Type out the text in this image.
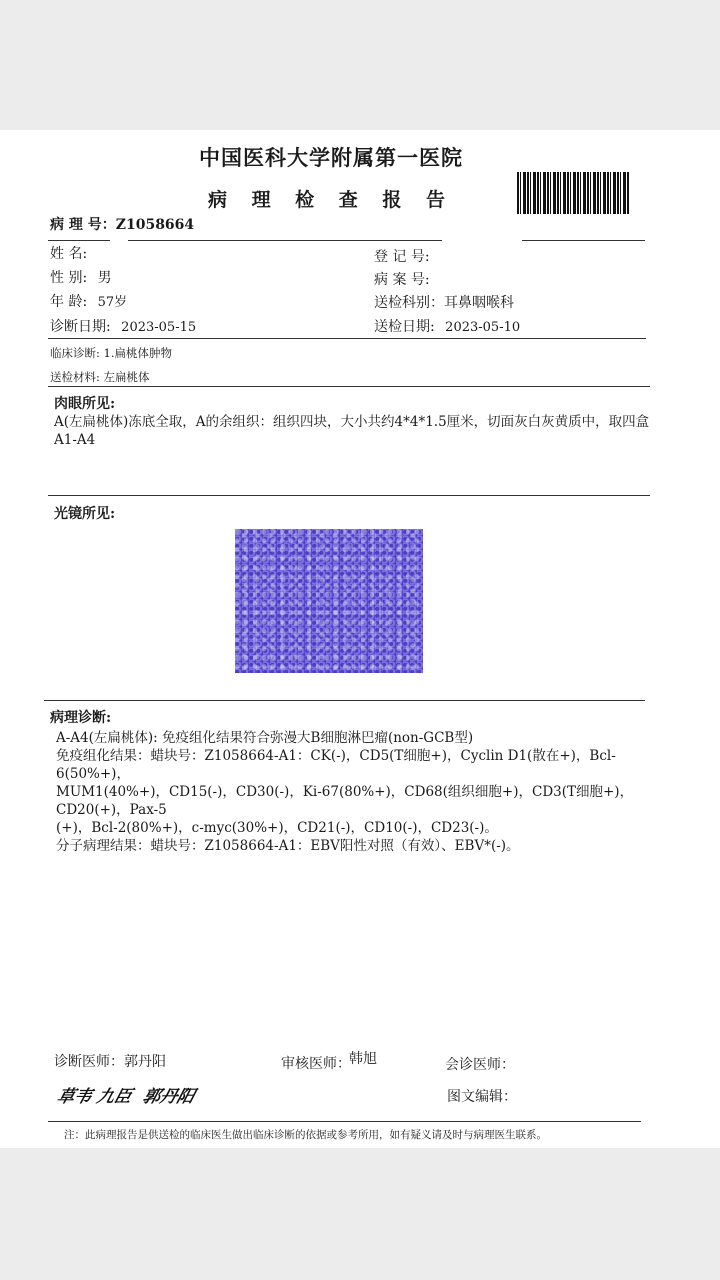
中国医科大学附属第一医院
病 理 检 查 报 告
病 理 号：Z1058664
姓 名:
性 别: 男
年 龄: 57岁
诊断日期: 2023-05-15
登 记 号:
病 案 号:
送检科别：耳鼻咽喉科
送检日期: 2023-05-10
临床诊断: 1.扁桃体肿物
送检材料: 左扁桃体
肉眼所见:
A(左扁桃体)冻底全取，A的余组织：组织四块，大小共约4*4*1.5厘米，切面灰白灰黄质中，取四盒
A1-A4
光镜所见:
病理诊断:
A-A4(左扁桃体): 免疫组化结果符合弥漫大B细胞淋巴瘤(non-GCB型)
免疫组化结果：蜡块号：Z1058664-A1：CK(-)，CD5(T细胞+)，Cyclin D1(散在+)，Bcl-6(50%+)，
MUM1(40%+)，CD15(-)，CD30(-)，Ki-67(80%+)，CD68(组织细胞+)，CD3(T细胞+)，CD20(+)，Pax-5
(+)，Bcl-2(80%+)，c-myc(30%+)，CD21(-)，CD10(-)，CD23(-)。
分子病理结果：蜡块号：Z1058664-A1：EBV阳性对照（有效）、EBV*(-)。
诊断医师：郭丹阳	审核医师：
韩旭	会诊医师：
图文编辑：
草韦 九臣  郭丹阳
注：此病理报告是供送检的临床医生做出临床诊断的依据或参考所用，如有疑义请及时与病理医生联系。
